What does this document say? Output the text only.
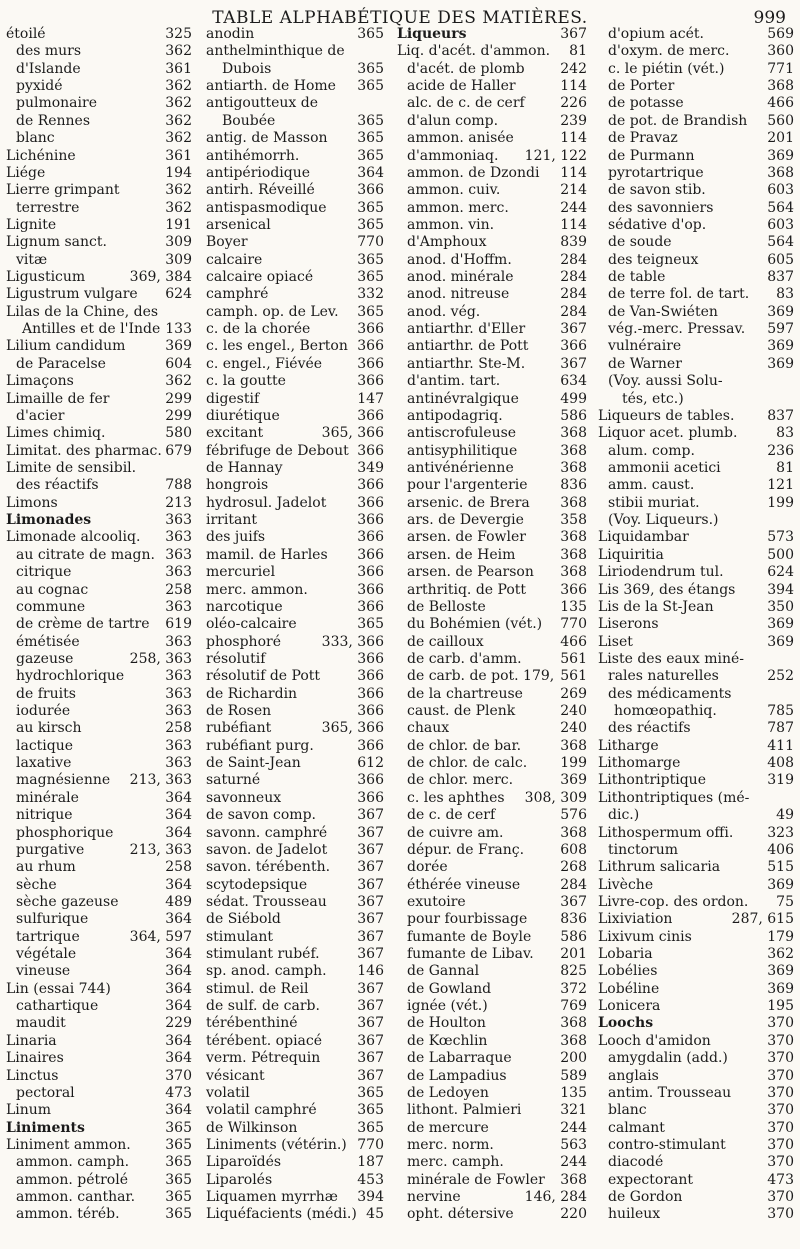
TABLE ALPHABÉTIQUE DES MATIÈRES.	999
étoilé	325
des murs	362
d'Islande	361
pyxidé	362
pulmonaire	362
de Rennes	362
blanc	362
Lichénine	361
Liége	194
Lierre grimpant	362
terrestre	362
Lignite	191
Lignum sanct.	309
vitæ	309
Ligusticum	369, 384
Ligustrum vulgare 624
Lilas de la Chine, des
Antilles et de l'Inde 133
Lilium candidum	369
de Paracelse	604
Limaçons	362
Limaille de fer	299
d'acier	299
Limes chimiq.	580
Limitat. des pharmac. 679
Limite de sensibil.
des réactifs	788
Limons	213
Limonades	363
Limonade alcooliq. 363
au citrate de magn. 363
citrique	363
au cognac	258
commune	363
de crème de tartre 619
émétisée	363
gazeuse	258, 363
hydrochlorique	363
de fruits	363
iodurée	363
au kirsch	258
lactique	363
laxative	363
magnésienne 213, 363
minérale	364
nitrique	364
phosphorique	364
purgative	213, 363
au rhum	258
sèche	364
sèche gazeuse	489
sulfurique	364
tartrique	364, 597
végétale	364
vineuse	364
Lin (essai 744)	364
cathartique	364
maudit	229
Linaria	364
Linaires	364
Linctus	370
pectoral	473
Linum	364
Liniments	365
Liniment ammon. 365
ammon. camph.	365
ammon. pétrolé	365
ammon. canthar. 365
ammon. téréb.	365
anodin	365
anthelminthique de
Dubois	365
antiarth. de Home 365
antigoutteux de
Boubée	365
antig. de Masson 365
antihémorrh.	365
antipériodique	364
antirh. Réveillé	366
antispasmodique 365
arsenical	365
Boyer	770
calcaire	365
calcaire opiacé	365
camphré	332
camph. op. de Lev. 365
c. de la chorée	366
c. les engel., Berton 366
c. engel., Fiévée	366
c. la goutte	366
digestif	147
diurétique	366
excitant	365, 366
fébrifuge de Debout 366
de Hannay	349
hongrois	366
hydrosul. Jadelot 366
irritant	366
des juifs	366
mamil. de Harles 366
mercuriel	366
merc. ammon.	366
narcotique	366
oléo-calcaire	365
phosphoré	333, 366
résolutif	366
résolutif de Pott	366
de Richardin	366
de Rosen	366
rubéfiant	365, 366
rubéfiant purg.	366
de Saint-Jean	612
saturné	366
savonneux	366
de savon comp.	367
savonn. camphré 367
savon. de Jadelot 367
savon. térébenth. 367
scytodepsique	367
sédat. Trousseau 367
de Siébold	367
stimulant	367
stimulant rubéf.	367
sp. anod. camph. 146
stimul. de Reil	367
de sulf. de carb.	367
térébenthiné	367
térébent. opiacé	367
verm. Pétrequin	367
vésicant	367
volatil	365
volatil camphré	365
de Wilkinson	365
Liniments (vétérin.) 770
Liparoïdés	187
Liparolés	453
Liquamen myrrhæ 394
Liquéfacients (médi.) 45
Liqueurs	367
Liq. d'acét. d'ammon. 81
d'acét. de plomb	242
acide de Haller	114
alc. de c. de cerf	226
d'alun comp.	239
ammon. anisée	114
d'ammoniaq. 121, 122
ammon. de Dzondi 114
ammon. cuiv.	214
ammon. merc.	244
ammon. vin.	114
d'Amphoux	839
anod. d'Hoffm.	284
anod. minérale	284
anod. nitreuse	284
anod. vég.	284
antiarthr. d'Eller	367
antiarthr. de Pott 366
antiarthr. Ste-M.	367
d'antim. tart.	634
antinévralgique	499
antipodagriq.	586
antiscrofuleuse	368
antisyphilitique	368
antivénérienne	368
pour l'argenterie 836
arsenic. de Brera 368
ars. de Devergie	358
arsen. de Fowler 368
arsen. de Heim	368
arsen. de Pearson 368
arthritiq. de Pott 366
de Belloste	135
du Bohémien (vét.) 770
de cailloux	466
de carb. d'amm.	561
de carb. de pot. 179, 561
de la chartreuse	269
caust. de Plenk	240
chaux	240
de chlor. de bar.	368
de chlor. de calc. 199
de chlor. merc.	369
c. les aphthes 308, 309
de c. de cerf	576
de cuivre am.	368
dépur. de Franç.	608
dorée	268
éthérée vineuse	284
exutoire	367
pour fourbissage 836
fumante de Boyle 586
fumante de Libav. 201
de Gannal	825
de Gowland	372
ignée (vét.)	769
de Houlton	368
de Kœchlin	368
de Labarraque	200
de Lampadius	589
de Ledoyen	135
lithont. Palmieri	321
de mercure	244
merc. norm.	563
merc. camph.	244
minérale de Fowler 368
nervine	146, 284
opht. détersive	220
d'opium acét.	569
d'oxym. de merc.	360
c. le piétin (vét.)	771
de Porter	368
de potasse	466
de pot. de Brandish 560
de Pravaz	201
de Purmann	369
pyrotartrique	368
de savon stib.	603
des savonniers	564
sédative d'op.	603
de soude	564
des teigneux	605
de table	837
de terre fol. de tart. 83
de Van-Swiéten	369
vég.-merc. Pressav. 597
vulnéraire	369
de Warner	369
(Voy. aussi Solu-
tés, etc.)
Liqueurs de tables. 837
Liquor acet. plumb.	83
alum. comp.	236
ammonii acetici	81
amm. caust.	121
stibii muriat.	199
(Voy. Liqueurs.)
Liquidambar	573
Liquiritia	500
Liriodendrum tul.	624
Lis 369, des étangs 394
Lis de la St-Jean	350
Liserons	369
Liset	369
Liste des eaux miné-
rales naturelles	252
des médicaments
homœopathiq.	785
des réactifs	787
Litharge	411
Lithomarge	408
Lithontriptique	319
Lithontriptiques (mé-
dic.)	49
Lithospermum offi. 323
tinctorum	406
Lithrum salicaria	515
Livèche	369
Livre-cop. des ordon. 75
Lixiviation	287, 615
Lixivum cinis	179
Lobaria	362
Lobélies	369
Lobéline	369
Lonicera	195
Loochs	370
Looch d'amidon	370
amygdalin (add.)	370
anglais	370
antim. Trousseau	370
blanc	370
calmant	370
contro-stimulant	370
diacodé	370
expectorant	473
de Gordon	370
huileux	370
